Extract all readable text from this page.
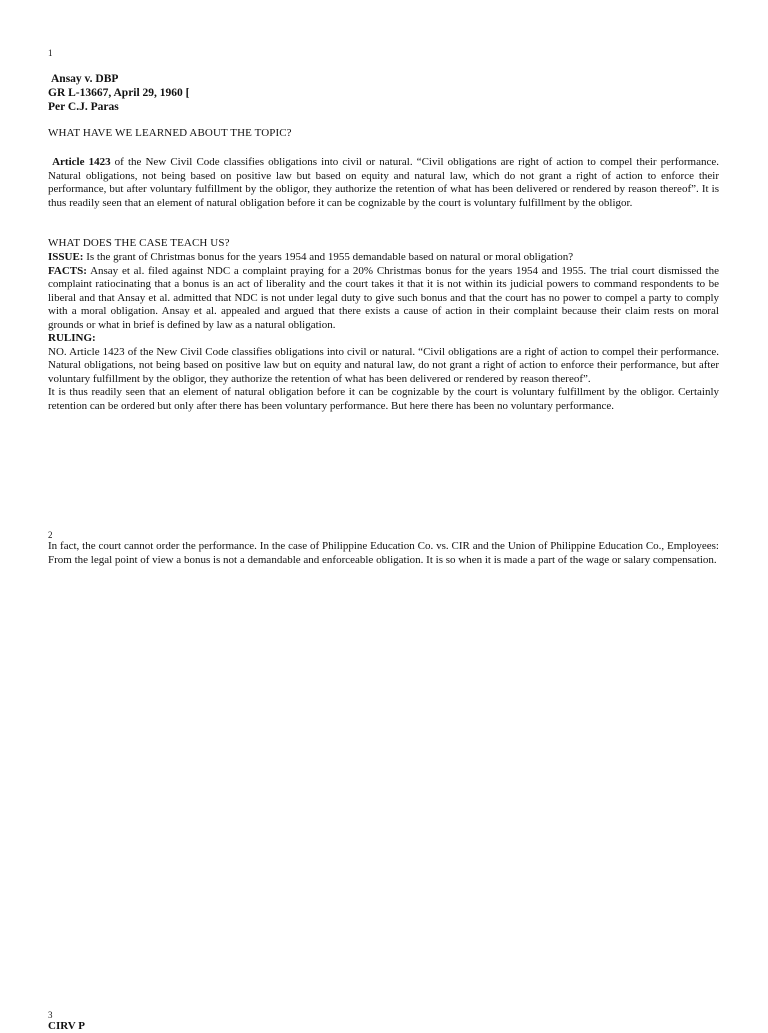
1
Ansay v. DBP
GR L-13667, April 29, 1960 [
Per C.J. Paras
WHAT HAVE WE LEARNED ABOUT THE TOPIC?
Article 1423 of the New Civil Code classifies obligations into civil or natural. “Civil obligations are right of action to compel their performance. Natural obligations, not being based on positive law but based on equity and natural law, which do not grant a right of action to enforce their performance, but after voluntary fulfillment by the obligor, they authorize the retention of what has been delivered or rendered by reason thereof”. It is thus readily seen that an element of natural obligation before it can be cognizable by the court is voluntary fulfillment by the obligor.
WHAT DOES THE CASE TEACH US?
ISSUE: Is the grant of Christmas bonus for the years 1954 and 1955 demandable based on natural or moral obligation?
FACTS: Ansay et al. filed against NDC a complaint praying for a 20% Christmas bonus for the years 1954 and 1955. The trial court dismissed the complaint ratiocinating that a bonus is an act of liberality and the court takes it that it is not within its judicial powers to command respondents to be liberal and that Ansay et al. admitted that NDC is not under legal duty to give such bonus and that the court has no power to compel a party to comply with a moral obligation. Ansay et al. appealed and argued that there exists a cause of action in their complaint because their claim rests on moral grounds or what in brief is defined by law as a natural obligation.
RULING:
NO. Article 1423 of the New Civil Code classifies obligations into civil or natural. “Civil obligations are a right of action to compel their performance. Natural obligations, not being based on positive law but on equity and natural law, do not grant a right of action to enforce their performance, but after voluntary fulfillment by the obligor, they authorize the retention of what has been delivered or rendered by reason thereof”.
It is thus readily seen that an element of natural obligation before it can be cognizable by the court is voluntary fulfillment by the obligor. Certainly retention can be ordered but only after there has been voluntary performance. But here there has been no voluntary performance.
2
In fact, the court cannot order the performance. In the case of Philippine Education Co. vs. CIR and the Union of Philippine Education Co., Employees: From the legal point of view a bonus is not a demandable and enforceable obligation. It is so when it is made a part of the wage or salary compensation.
3
CIRV P
